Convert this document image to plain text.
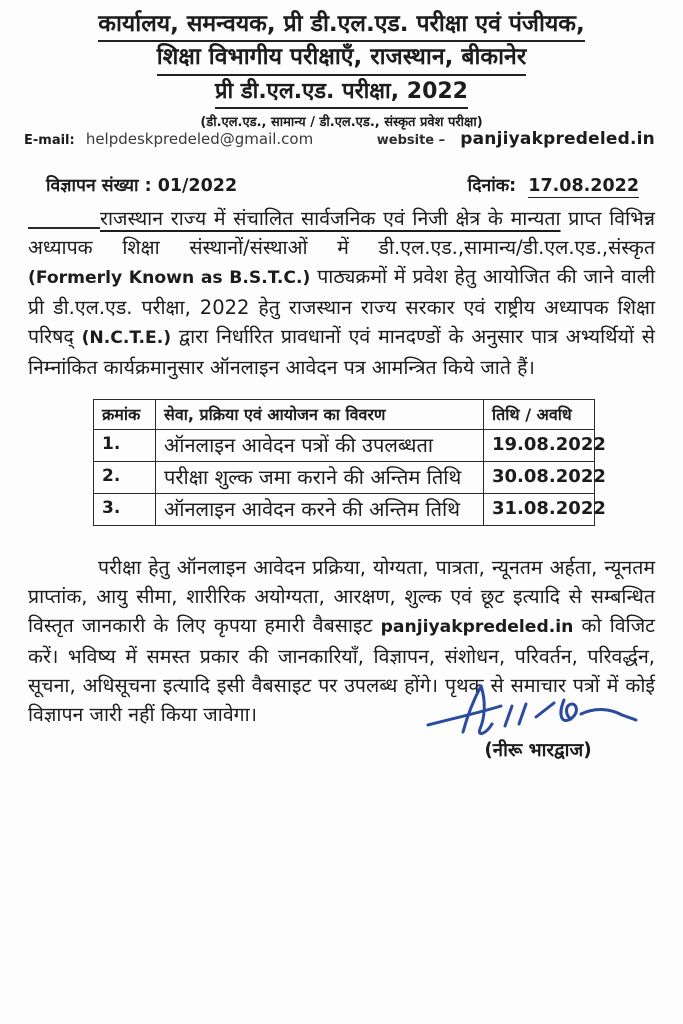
कार्यालय, समन्वयक, प्री डी.एल.एड. परीक्षा एवं पंजीयक,
शिक्षा विभागीय परीक्षाएँ, राजस्थान, बीकानेर
प्री डी.एल.एड. परीक्षा, 2022
(डी.एल.एड., सामान्य / डी.एल.एड., संस्कृत प्रवेश परीक्षा)
E-mail: helpdeskpredeled@gmail.com	website – panjiyakpredeled.in
विज्ञापन संख्या : 01/2022	दिनांक: 17.08.2022
राजस्थान राज्य में संचालित सार्वजनिक एवं निजी क्षेत्र के मान्यता प्राप्त विभिन्न अध्यापक शिक्षा संस्थानों/संस्थाओं में डी.एल.एड.,सामान्य/डी.एल.एड.,संस्कृत (Formerly Known as B.S.T.C.) पाठ्यक्रमों में प्रवेश हेतु आयोजित की जाने वाली प्री डी.एल.एड. परीक्षा, 2022 हेतु राजस्थान राज्य सरकार एवं राष्ट्रीय अध्यापक शिक्षा परिषद् (N.C.T.E.) द्वारा निर्धारित प्रावधानों एवं मानदण्डों के अनुसार पात्र अभ्यर्थियों से निम्नांकित कार्यक्रमानुसार ऑनलाइन आवेदन पत्र आमन्त्रित किये जाते हैं।
क्रमांक	सेवा, प्रक्रिया एवं आयोजन का विवरण	तिथि / अवधि
1.	ऑनलाइन आवेदन पत्रों की उपलब्धता	19.08.2022
2.	परीक्षा शुल्क जमा कराने की अन्तिम तिथि	30.08.2022
3.	ऑनलाइन आवेदन करने की अन्तिम तिथि	31.08.2022
परीक्षा हेतु ऑनलाइन आवेदन प्रक्रिया, योग्यता, पात्रता, न्यूनतम अर्हता, न्यूनतम प्राप्तांक, आयु सीमा, शारीरिक अयोग्यता, आरक्षण, शुल्क एवं छूट इत्यादि से सम्बन्धित विस्तृत जानकारी के लिए कृपया हमारी वैबसाइट panjiyakpredeled.in को विजिट करें। भविष्य में समस्त प्रकार की जानकारियाँ, विज्ञापन, संशोधन, परिवर्तन, परिवर्द्धन, सूचना, अधिसूचना इत्यादि इसी वैबसाइट पर उपलब्ध होंगे। पृथक से समाचार पत्रों में कोई विज्ञापन जारी नहीं किया जावेगा।
(नीरू भारद्वाज)
